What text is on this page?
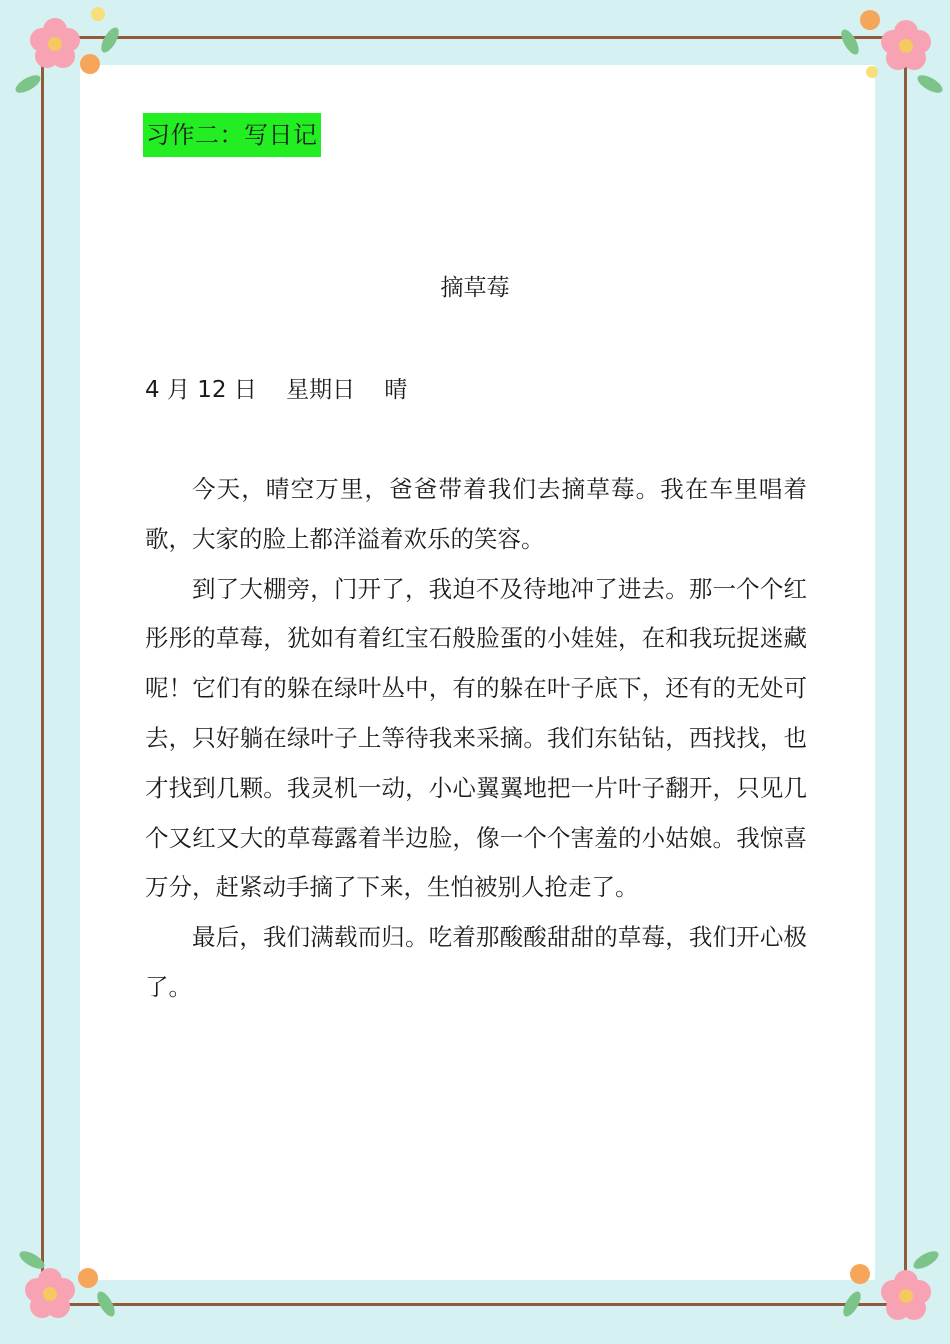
习作二：写日记
摘草莓
4 月 12 日    星期日    晴

今天，晴空万里，爸爸带着我们去摘草莓。我在车里唱着歌，大家的脸上都洋溢着欢乐的笑容。

到了大棚旁，门开了，我迫不及待地冲了进去。那一个个红彤彤的草莓，犹如有着红宝石般脸蛋的小娃娃，在和我玩捉迷藏呢！它们有的躲在绿叶丛中，有的躲在叶子底下，还有的无处可去，只好躺在绿叶子上等待我来采摘。我们东钻钻，西找找，也才找到几颗。我灵机一动，小心翼翼地把一片叶子翻开，只见几个又红又大的草莓露着半边脸，像一个个害羞的小姑娘。我惊喜万分，赶紧动手摘了下来，生怕被别人抢走了。

最后，我们满载而归。吃着那酸酸甜甜的草莓，我们开心极了。
